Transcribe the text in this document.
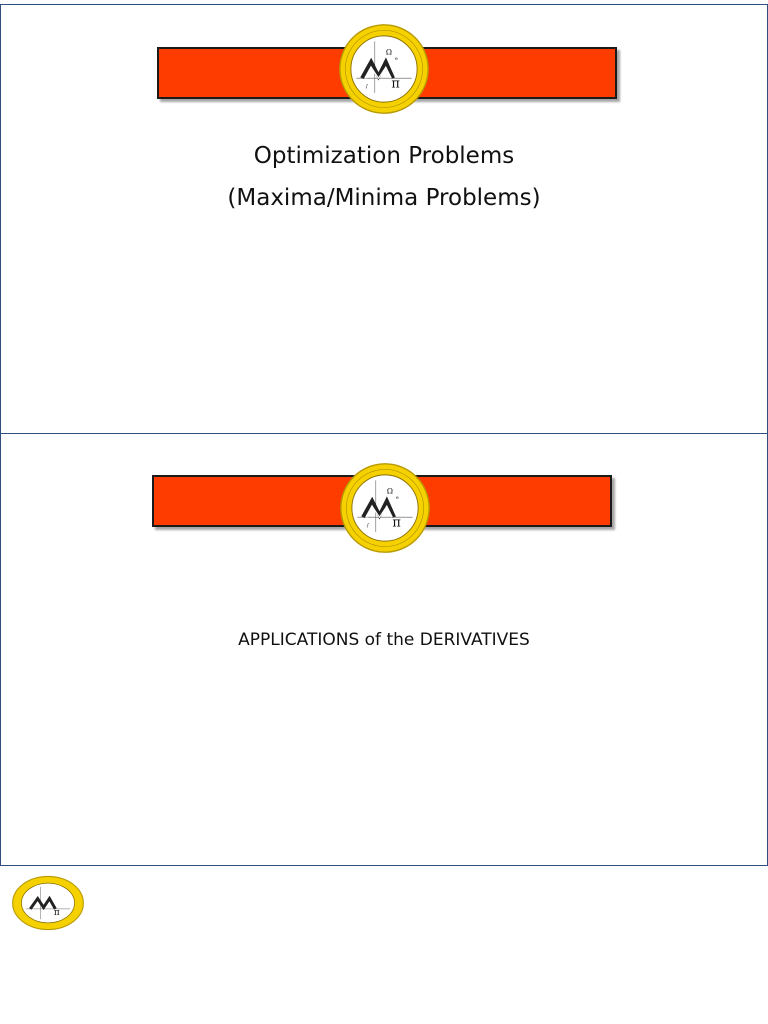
π
Ω
e
∫
Optimization Problems
(Maxima/Minima Problems)
π
Ω
e
∫
APPLICATIONS of the DERIVATIVES
π
